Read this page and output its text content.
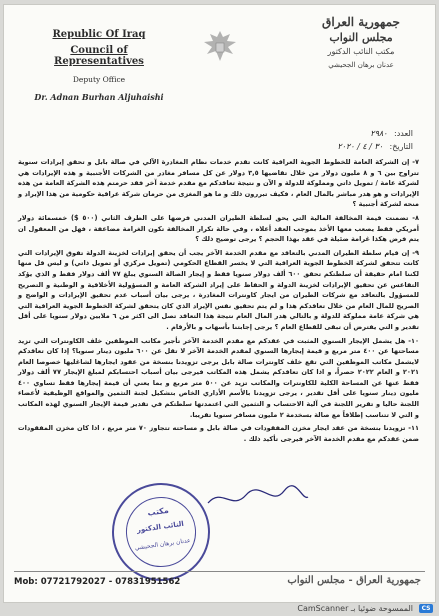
Republic Of Iraq
Council of Representatives
Deputy Office
Dr. Adnan Burhan Aljuhaishi
جمهورية العراق
مجلس النواب
مكتب النائب الدكتور
عدنان برهان الجحيشي
العدد: ٢٩٨٠
التاريخ: ٣٠ / ٤ / ٢٠٢٠

٧- إن الشركة العامة للخطوط الجوية العراقية كانت تقدم خدمات نظام المغادرة الآلي في صالة بابل و تحقق إيرادات سنوية تتراوح بين ٦ و ٨ مليون دولار من خلال تقاضيها ٣,٥ دولار عن كل مسافر مغادر من الشركات الأجنبية و هذه الإيرادات هي لشركة عامة / تمويل ذاتي ومملوكة للدولة و الآن و نتيجة تعاقدكم مع مقدم خدمة آخر فقد حرمتم هذه الشركة العامة من هذه الإيرادات و هو هدر مباشر بالمال العام ، فكيف تبررون ذلك و ما هو المغزى من حرمان شركة عراقية حكومية من هذا الإيراد و منحه لشركة أجنبية ؟

٨- تضمنت قيمة المخالفة المالية التي يحق لسلطة الطيران المدني فرضها على الطرف الثاني (٥٠٠ $) خمسمائة دولار أمريكي فقط يصعب معها الأخذ بموجب العقد أعلاه ، وفي حالة تكرار المخالفة تكون الغرامة مضاعفة ، فهل من المعقول ان يتم فرض هكذا غرامة ضئيلة في عقد بهذا الحجم ؟ يرجى توضيح ذلك ؟

٩- إن قيام سلطة الطيران المدني بالتعاقد مع مقدم الخدمة الآخر يجب أن يحقق إيرادات لخزينة الدولة تفوق الإيرادات التي كانت تتحقق لشركة الخطوط الجوية العراقية التي لا يخسر القطاع الحكومي (تمويل مركزي أو تمويل ذاتي) و ليس قل منها لكننا امام حقيقة أن سلطتكم تحقق ٦٠٠ ألف دولار سنويا فقط و إيجار الصالة السنوي يبلغ ٧٧ ألف دولار فقط و الذي يؤكد التقاعس عن تحقيق الإيرادات لخزينة الدولة و الحفاظ على إيراد الشركة العامة و المسؤولية الأخلاقية و الوطنية و التصريح للمسؤول بالتعاقد مع شركات الطيران من ايجار كاونترات المغادرة ، يرجى بيان أسباب عدم تحقيق الإيرادات و الواضح و الصريح للمال العام من خلال تعاقدكم هذا و لم يتم تحقيق نفس الإيراد الذي كان يتحقق لشركة الخطوط الجوية العراقية التي هي شركة عامة مملوكة للدولة و بالتالي هدر المال العام نتيجة هذا التعاقد تصل الى اكثر من ٦ ملايين دولار سنويا على أقل تقدير و التي يفترض أن تبقى للقطاع العام ؟ يرجى إجابتنا بأسهاب و بالأرقام .

١٠- هل يشمل الإيجار السنوي المثبت في عقدكم مع مقدم الخدمة الآخر تأجير مكاتب الموظفين خلف الكاونترات التي تزيد مساحتها عن ٤٠٠ متر مربع و قيمة إيجارها السنوي لمقدم الخدمة الآخر لا تقل عن ٦٠٠ مليون دينار سنويا؟ إذا كان تعاقدكم لايشمل مكاتب الموظفين التي تقع خلف كاونترات صالة بابل يرجى تزويدنا بنسخة من عقود ايجارها لشاغليها خصوصا العام ٢٠٢١ و العام ٢٠٢٢ حصراً، و اذا كان تعاقدكم يشمل هذه المكاتب فيرجى بيان أسباب احتسابكم لمبلغ الإيجار ٧٧ ألف دولار فقط عنها عن المساحة الكلية للكاونترات والمكاتب تزيد عن ٥٠٠ متر مربع و بما يعني أن قيمة إيجارها فقط تساوي ٤٠٠ مليون دينار سنويا على أقل تقدير ، يرجى تزويدنا بالأسم الأداري الخاص بتشكيل لجنة التثمين والمواقع الوظيفية لأعضاء اللجنة حاليا و تقرير اللجنة في آلية الاحتساب و التثمين التي اعتمدتها سلطتكم في تقدير قيمة الإيجار السنوي لهذه المكاتب و التي لا تتناسب إطلاقاً مع صالة بسخدمة ٢ مليون مسافر سنويا تقريبا.

١١- تزويدنا بنسخة من عقد ايجار مخزن المفقودات في صالة بابل و مساحته تتجاوز ٧٠ متر مربع ، اذا كان مخزن المفقودات ضمن عقدكم مع مقدم الخدمة الآخر فيرجى تأكيد ذلك .

مكتب
النائب الدكتور
عدنان برهان الجحيشي
Mob: 07721792027 - 07831951562	جمهورية العراق - مجلس النواب
CS
الممسوحة ضوئيا بـ CamScanner
